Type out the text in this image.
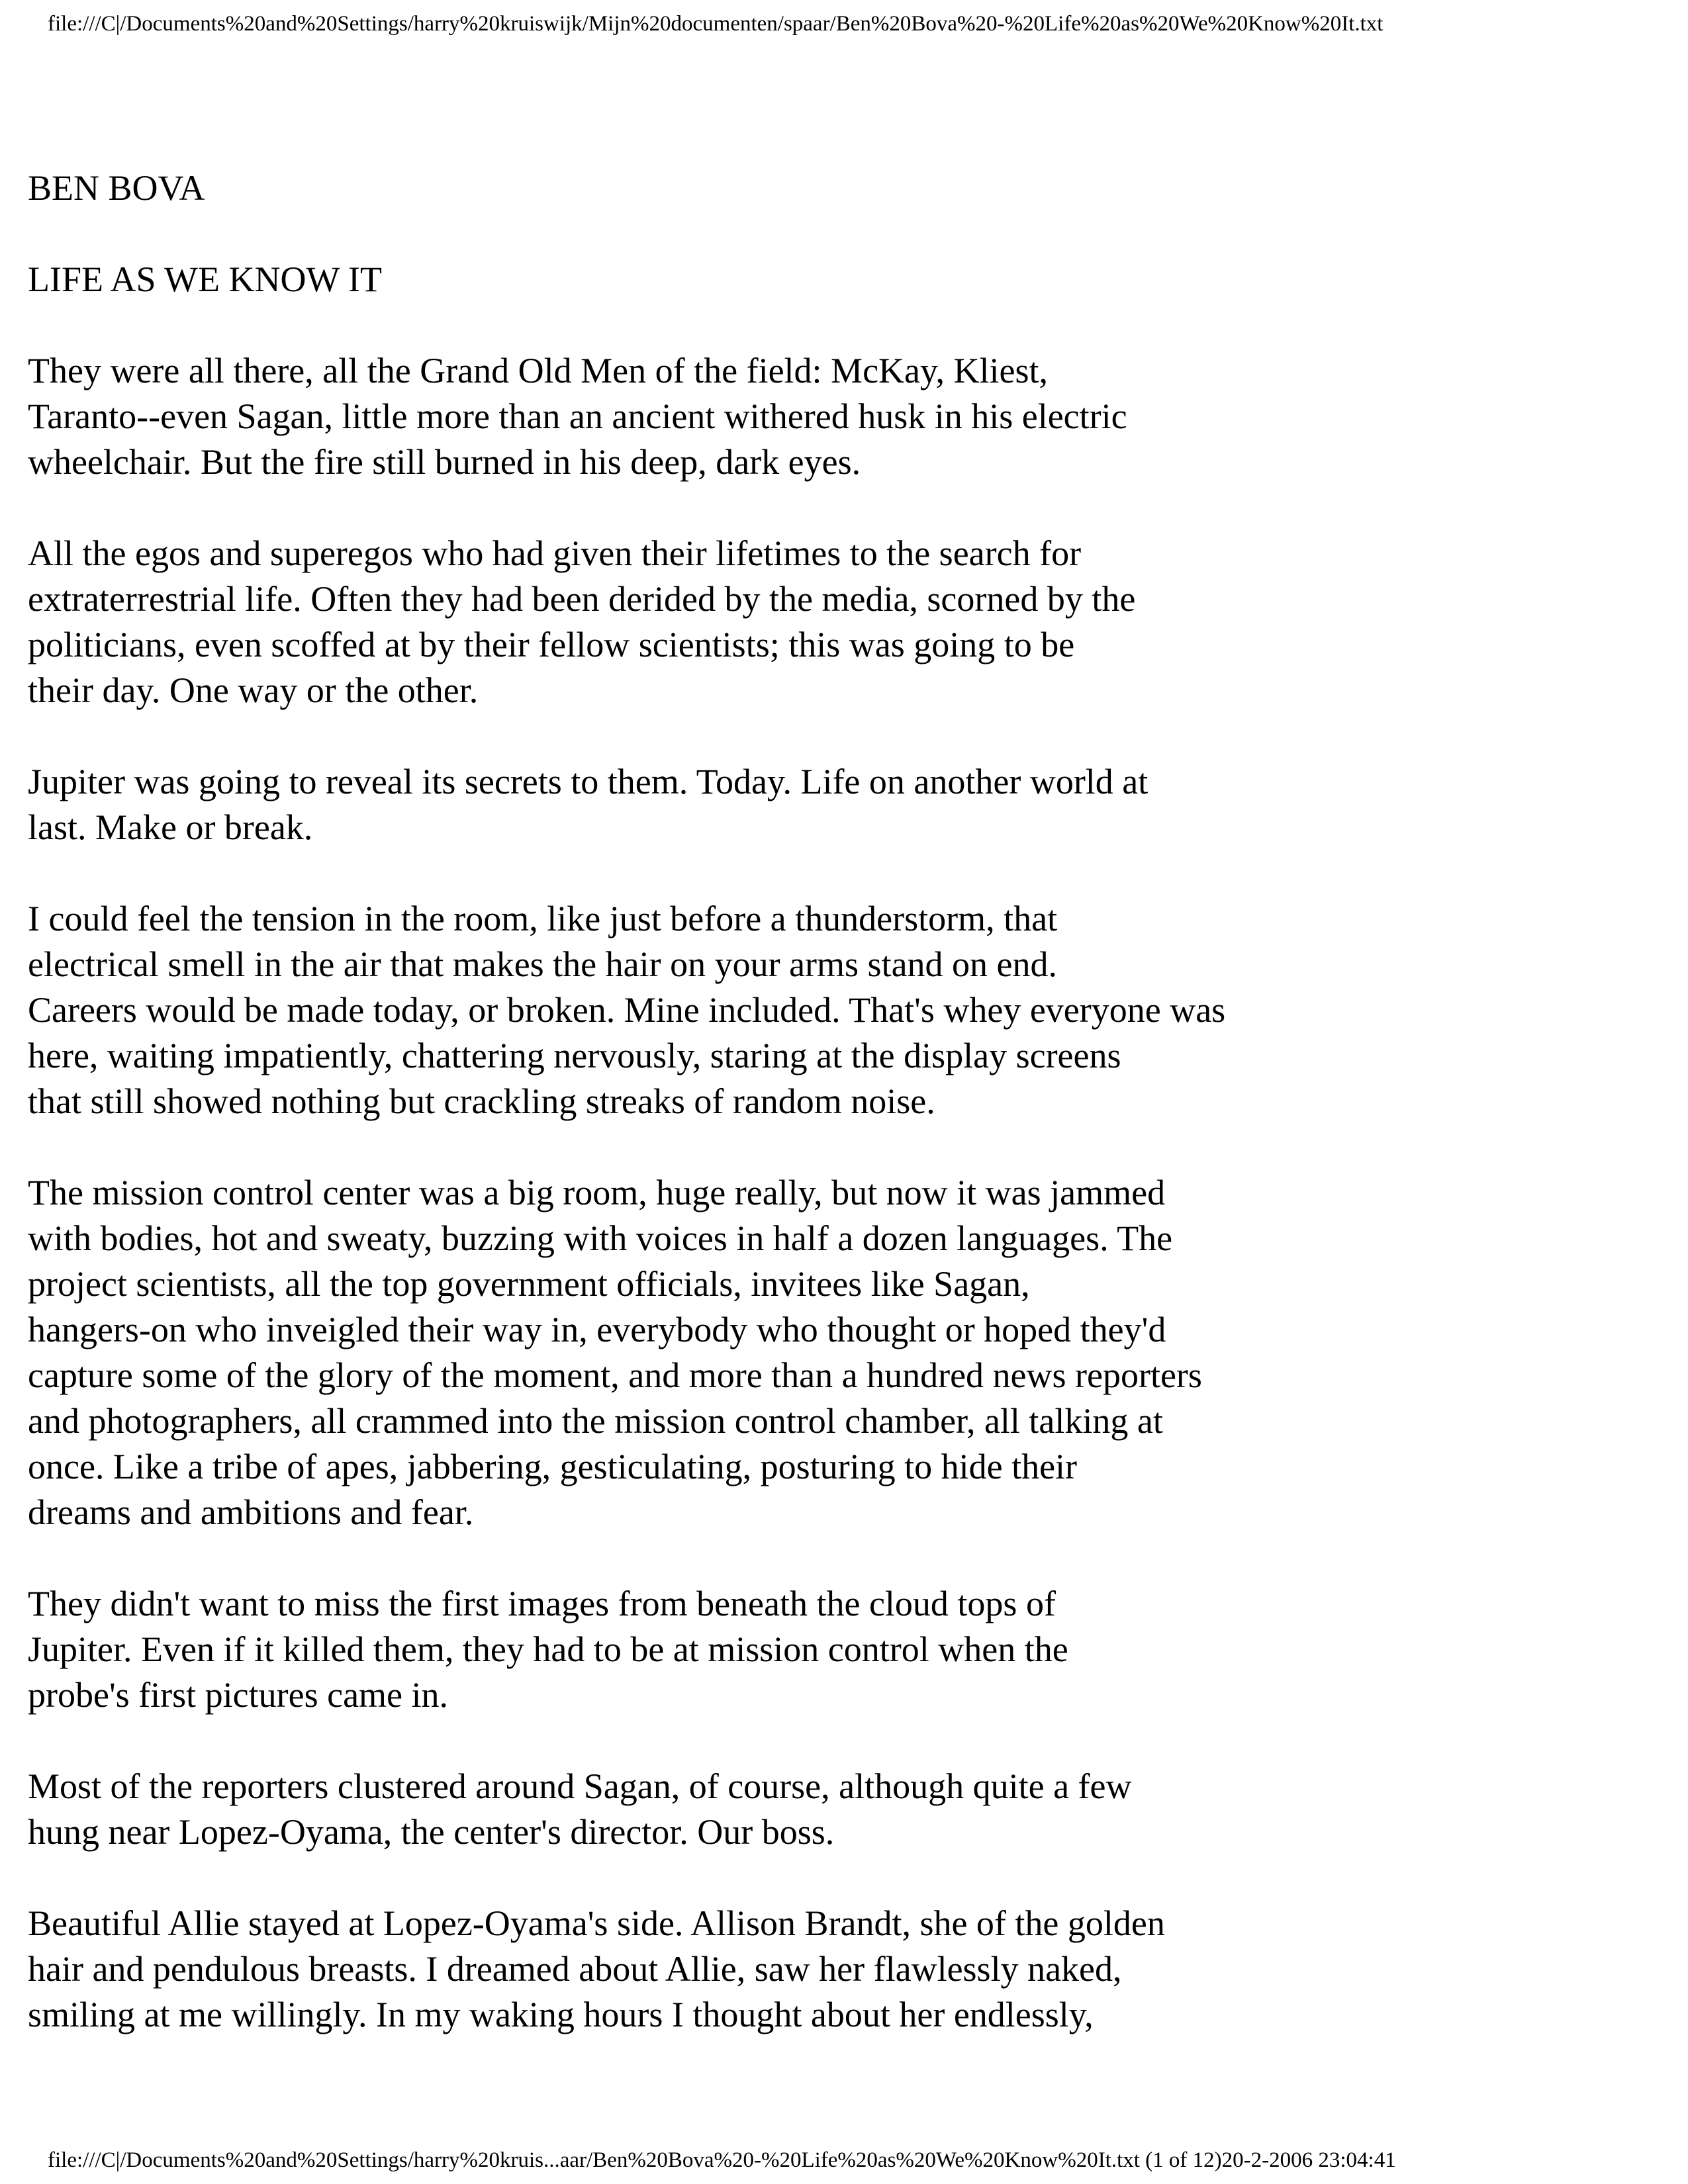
file:///C|/Documents%20and%20Settings/harry%20kruiswijk/Mijn%20documenten/spaar/Ben%20Bova%20-%20Life%20as%20We%20Know%20It.txt
BEN BOVA
LIFE AS WE KNOW IT
They were all there, all the Grand Old Men of the field: McKay, Kliest,
Taranto--even Sagan, little more than an ancient withered husk in his electric
wheelchair. But the fire still burned in his deep, dark eyes.
All the egos and superegos who had given their lifetimes to the search for
extraterrestrial life. Often they had been derided by the media, scorned by the
politicians, even scoffed at by their fellow scientists; this was going to be
their day. One way or the other.
Jupiter was going to reveal its secrets to them. Today. Life on another world at
last. Make or break.
I could feel the tension in the room, like just before a thunderstorm, that
electrical smell in the air that makes the hair on your arms stand on end.
Careers would be made today, or broken. Mine included. That's whey everyone was
here, waiting impatiently, chattering nervously, staring at the display screens
that still showed nothing but crackling streaks of random noise.
The mission control center was a big room, huge really, but now it was jammed
with bodies, hot and sweaty, buzzing with voices in half a dozen languages. The
project scientists, all the top government officials, invitees like Sagan,
hangers-on who inveigled their way in, everybody who thought or hoped they'd
capture some of the glory of the moment, and more than a hundred news reporters
and photographers, all crammed into the mission control chamber, all talking at
once. Like a tribe of apes, jabbering, gesticulating, posturing to hide their
dreams and ambitions and fear.
They didn't want to miss the first images from beneath the cloud tops of
Jupiter. Even if it killed them, they had to be at mission control when the
probe's first pictures came in.
Most of the reporters clustered around Sagan, of course, although quite a few
hung near Lopez-Oyama, the center's director. Our boss.
Beautiful Allie stayed at Lopez-Oyama's side. Allison Brandt, she of the golden
hair and pendulous breasts. I dreamed about Allie, saw her flawlessly naked,
smiling at me willingly. In my waking hours I thought about her endlessly,
file:///C|/Documents%20and%20Settings/harry%20kruis...aar/Ben%20Bova%20-%20Life%20as%20We%20Know%20It.txt (1 of 12)20-2-2006 23:04:41
